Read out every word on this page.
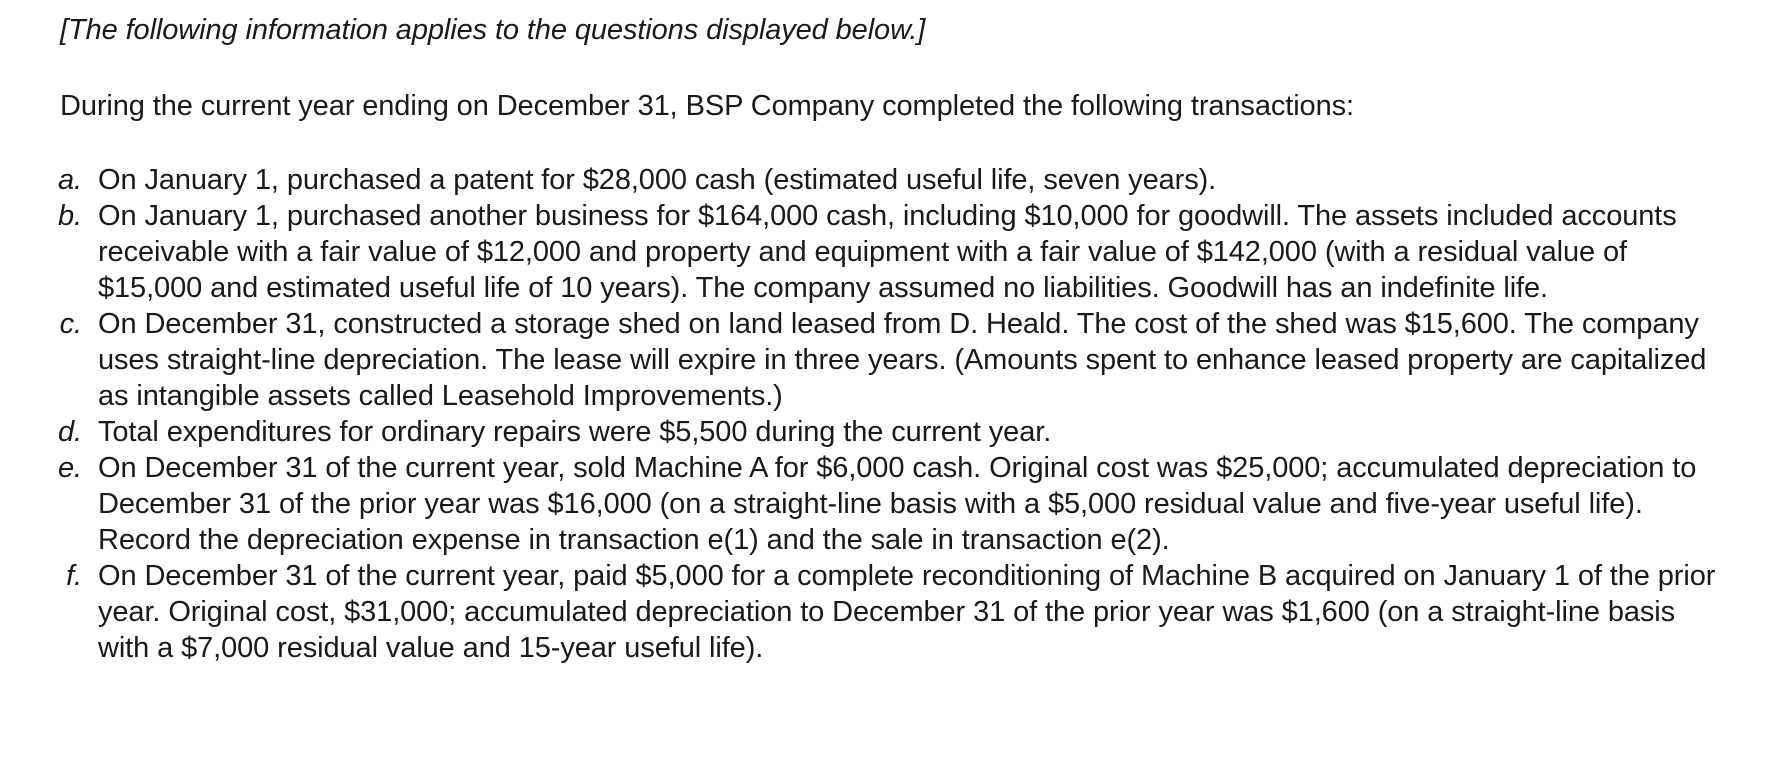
[The following information applies to the questions displayed below.]

During the current year ending on December 31, BSP Company completed the following transactions:

a. On January 1, purchased a patent for $28,000 cash (estimated useful life, seven years).
b. On January 1, purchased another business for $164,000 cash, including $10,000 for goodwill. The assets included accounts receivable with a fair value of $12,000 and property and equipment with a fair value of $142,000 (with a residual value of $15,000 and estimated useful life of 10 years). The company assumed no liabilities. Goodwill has an indefinite life.
c. On December 31, constructed a storage shed on land leased from D. Heald. The cost of the shed was $15,600. The company uses straight-line depreciation. The lease will expire in three years. (Amounts spent to enhance leased property are capitalized as intangible assets called Leasehold Improvements.)
d. Total expenditures for ordinary repairs were $5,500 during the current year.
e. On December 31 of the current year, sold Machine A for $6,000 cash. Original cost was $25,000; accumulated depreciation to December 31 of the prior year was $16,000 (on a straight-line basis with a $5,000 residual value and five-year useful life). Record the depreciation expense in transaction e(1) and the sale in transaction e(2).
f. On December 31 of the current year, paid $5,000 for a complete reconditioning of Machine B acquired on January 1 of the prior year. Original cost, $31,000; accumulated depreciation to December 31 of the prior year was $1,600 (on a straight-line basis with a $7,000 residual value and 15-year useful life).
